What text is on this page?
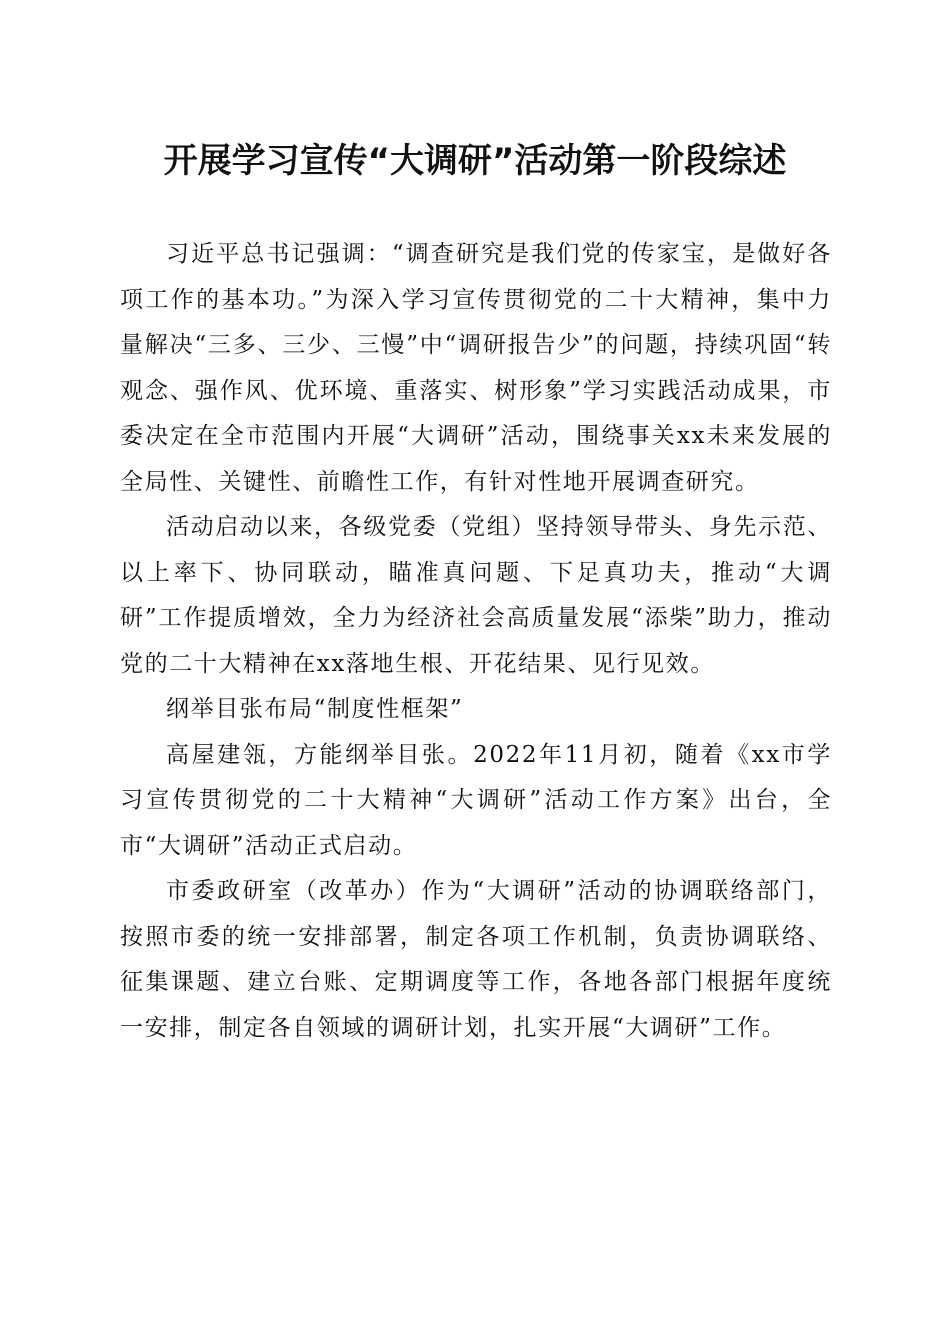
开展学习宣传“大调研”活动第一阶段综述

习近平总书记强调：“调查研究是我们党的传家宝，是做好各项工作的基本功。”为深入学习宣传贯彻党的二十大精神，集中力量解决“三多、三少、三慢”中“调研报告少”的问题，持续巩固“转观念、强作风、优环境、重落实、树形象”学习实践活动成果，市委决定在全市范围内开展“大调研”活动，围绕事关xx未来发展的全局性、关键性、前瞻性工作，有针对性地开展调查研究。

活动启动以来，各级党委（党组）坚持领导带头、身先示范、以上率下、协同联动，瞄准真问题、下足真功夫，推动“大调研”工作提质增效，全力为经济社会高质量发展“添柴”助力，推动党的二十大精神在xx落地生根、开花结果、见行见效。

纲举目张布局“制度性框架”

高屋建瓴，方能纲举目张。2022年11月初，随着《xx市学习宣传贯彻党的二十大精神“大调研”活动工作方案》出台，全市“大调研”活动正式启动。

市委政研室（改革办）作为“大调研”活动的协调联络部门，按照市委的统一安排部署，制定各项工作机制，负责协调联络、征集课题、建立台账、定期调度等工作，各地各部门根据年度统一安排，制定各自领域的调研计划，扎实开展“大调研”工作。
